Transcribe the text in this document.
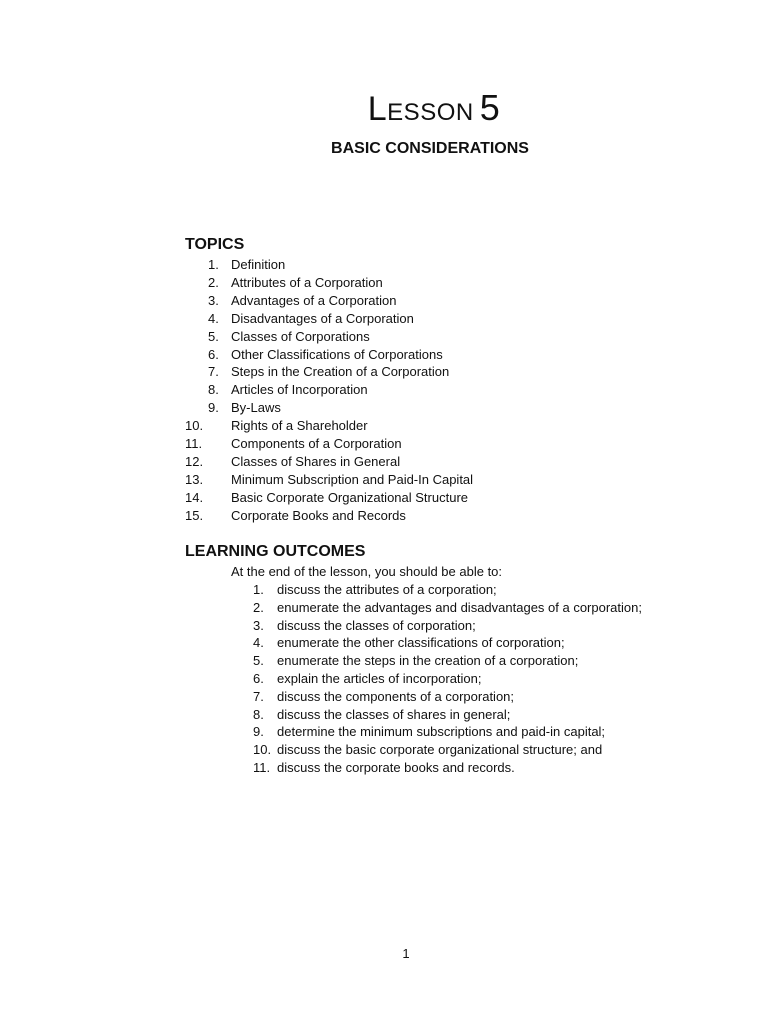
Lesson 5
BASIC CONSIDERATIONS
TOPICS
1. Definition
2. Attributes of a Corporation
3. Advantages of a Corporation
4. Disadvantages of a Corporation
5. Classes of Corporations
6. Other Classifications of Corporations
7. Steps in the Creation of a Corporation
8. Articles of Incorporation
9. By-Laws
10. Rights of a Shareholder
11. Components of a Corporation
12. Classes of Shares in General
13. Minimum Subscription and Paid-In Capital
14. Basic Corporate Organizational Structure
15. Corporate Books and Records
LEARNING OUTCOMES
At the end of the lesson, you should be able to:
1. discuss the attributes of a corporation;
2. enumerate the advantages and disadvantages of a corporation;
3. discuss the classes of corporation;
4. enumerate the other classifications of corporation;
5. enumerate the steps in the creation of a corporation;
6. explain the articles of incorporation;
7. discuss the components of a corporation;
8. discuss the classes of shares in general;
9. determine the minimum subscriptions and paid-in capital;
10. discuss the basic corporate organizational structure; and
11. discuss the corporate books and records.
1
